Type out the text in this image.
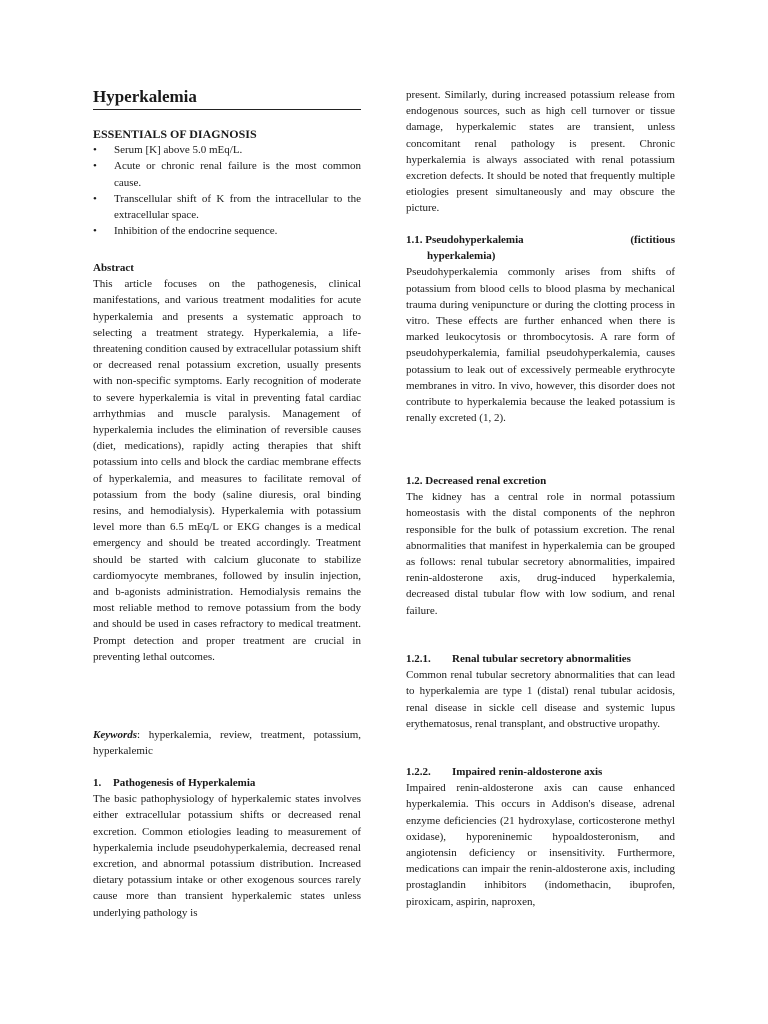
Hyperkalemia
ESSENTIALS OF DIAGNOSIS
• Serum [K] above 5.0 mEq/L.
• Acute or chronic renal failure is the most common cause.
• Transcellular shift of K from the intracellular to the extracellular space.
• Inhibition of the endocrine sequence.
Abstract
This article focuses on the pathogenesis, clinical manifestations, and various treatment modalities for acute hyperkalemia and presents a systematic approach to selecting a treatment strategy. Hyperkalemia, a life-threatening condition caused by extracellular potassium shift or decreased renal potassium excretion, usually presents with non-specific symptoms. Early recognition of moderate to severe hyperkalemia is vital in preventing fatal cardiac arrhythmias and muscle paralysis. Management of hyperkalemia includes the elimination of reversible causes (diet, medications), rapidly acting therapies that shift potassium into cells and block the cardiac membrane effects of hyperkalemia, and measures to facilitate removal of potassium from the body (saline diuresis, oral binding resins, and hemodialysis). Hyperkalemia with potassium level more than 6.5 mEq/L or EKG changes is a medical emergency and should be treated accordingly. Treatment should be started with calcium gluconate to stabilize cardiomyocyte membranes, followed by insulin injection, and b-agonists administration. Hemodialysis remains the most reliable method to remove potassium from the body and should be used in cases refractory to medical treatment. Prompt detection and proper treatment are crucial in preventing lethal outcomes.
Keywords: hyperkalemia, review, treatment, potassium, hyperkalemic
1. Pathogenesis of Hyperkalemia
The basic pathophysiology of hyperkalemic states involves either extracellular potassium shifts or decreased renal excretion. Common etiologies leading to measurement of hyperkalemia include pseudohyperkalemia, decreased renal excretion, and abnormal potassium distribution. Increased dietary potassium intake or other exogenous sources rarely cause more than transient hyperkalemic states unless underlying pathology is
present. Similarly, during increased potassium release from endogenous sources, such as high cell turnover or tissue damage, hyperkalemic states are transient, unless concomitant renal pathology is present. Chronic hyperkalemia is always associated with renal potassium excretion defects. It should be noted that frequently multiple etiologies present simultaneously and may obscure the picture.
1.1. Pseudohyperkalemia	(fictitious
hyperkalemia)
Pseudohyperkalemia commonly arises from shifts of potassium from blood cells to blood plasma by mechanical trauma during venipuncture or during the clotting process in vitro. These effects are further enhanced when there is marked leukocytosis or thrombocytosis. A rare form of pseudohyperkalemia, familial pseudohyperkalemia, causes potassium to leak out of excessively permeable erythrocyte membranes in vitro. In vivo, however, this disorder does not contribute to hyperkalemia because the leaked potassium is renally excreted (1, 2).
1.2. Decreased renal excretion
The kidney has a central role in normal potassium homeostasis with the distal components of the nephron responsible for the bulk of potassium excretion. The renal abnormalities that manifest in hyperkalemia can be grouped as follows: renal tubular secretory abnormalities, impaired renin-aldosterone axis, drug-induced hyperkalemia, decreased distal tubular flow with low sodium, and renal failure.
1.2.1. Renal tubular secretory abnormalities
Common renal tubular secretory abnormalities that can lead to hyperkalemia are type 1 (distal) renal tubular acidosis, renal disease in sickle cell disease and systemic lupus erythematosus, renal transplant, and obstructive uropathy.
1.2.2. Impaired renin-aldosterone axis
Impaired renin-aldosterone axis can cause enhanced hyperkalemia. This occurs in Addison's disease, adrenal enzyme deficiencies (21 hydroxylase, corticosterone methyl oxidase), hyporeninemic hypoaldosteronism, and angiotensin deficiency or insensitivity. Furthermore, medications can impair the renin-aldosterone axis, including prostaglandin inhibitors (indomethacin, ibuprofen, piroxicam, aspirin, naproxen,
